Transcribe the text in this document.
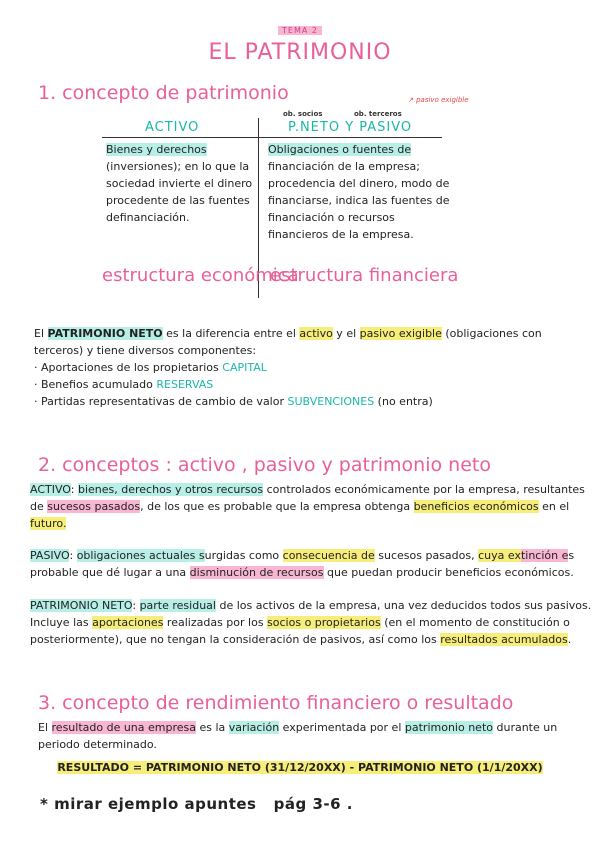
TEMA 2
EL PATRIMONIO
1. concepto de patrimonio
ob. socios	ob. terceros
↗ pasivo exigible
ACTIVO	P.NETO Y PASIVO
Bienes y derechos
(inversiones); en lo que la
sociedad invierte el dinero
procedente de las fuentes
definanciación.
Obligaciones o fuentes de
financiación de la empresa;
procedencia del dinero, modo de
financiarse, indica las fuentes de
financiación o recursos
financieros de la empresa.
estructura económica
estructura financiera
El PATRIMONIO NETO es la diferencia entre el activo y el pasivo exigible (obligaciones con
terceros) y tiene diversos componentes:
· Aportaciones de los propietarios CAPITAL
· Benefios acumulado RESERVAS
· Partidas representativas de cambio de valor SUBVENCIONES (no entra)
2. conceptos : activo , pasivo y patrimonio neto
ACTIVO: bienes, derechos y otros recursos controlados económicamente por la empresa, resultantes
de sucesos pasados, de los que es probable que la empresa obtenga beneficios económicos en el
futuro.
PASIVO: obligaciones actuales surgidas como consecuencia de sucesos pasados, cuya extinción es
probable que dé lugar a una disminución de recursos que puedan producir beneficios económicos.
PATRIMONIO NETO: parte residual de los activos de la empresa, una vez deducidos todos sus pasivos.
Incluye las aportaciones realizadas por los socios o propietarios (en el momento de constitución o
posteriormente), que no tengan la consideración de pasivos, así como los resultados acumulados.
3. concepto de rendimiento financiero o resultado
El resultado de una empresa es la variación experimentada por el patrimonio neto durante un
periodo determinado.
RESULTADO = PATRIMONIO NETO (31/12/20XX) - PATRIMONIO NETO (1/1/20XX)
* mirar ejemplo apuntes   pág 3-6 .
